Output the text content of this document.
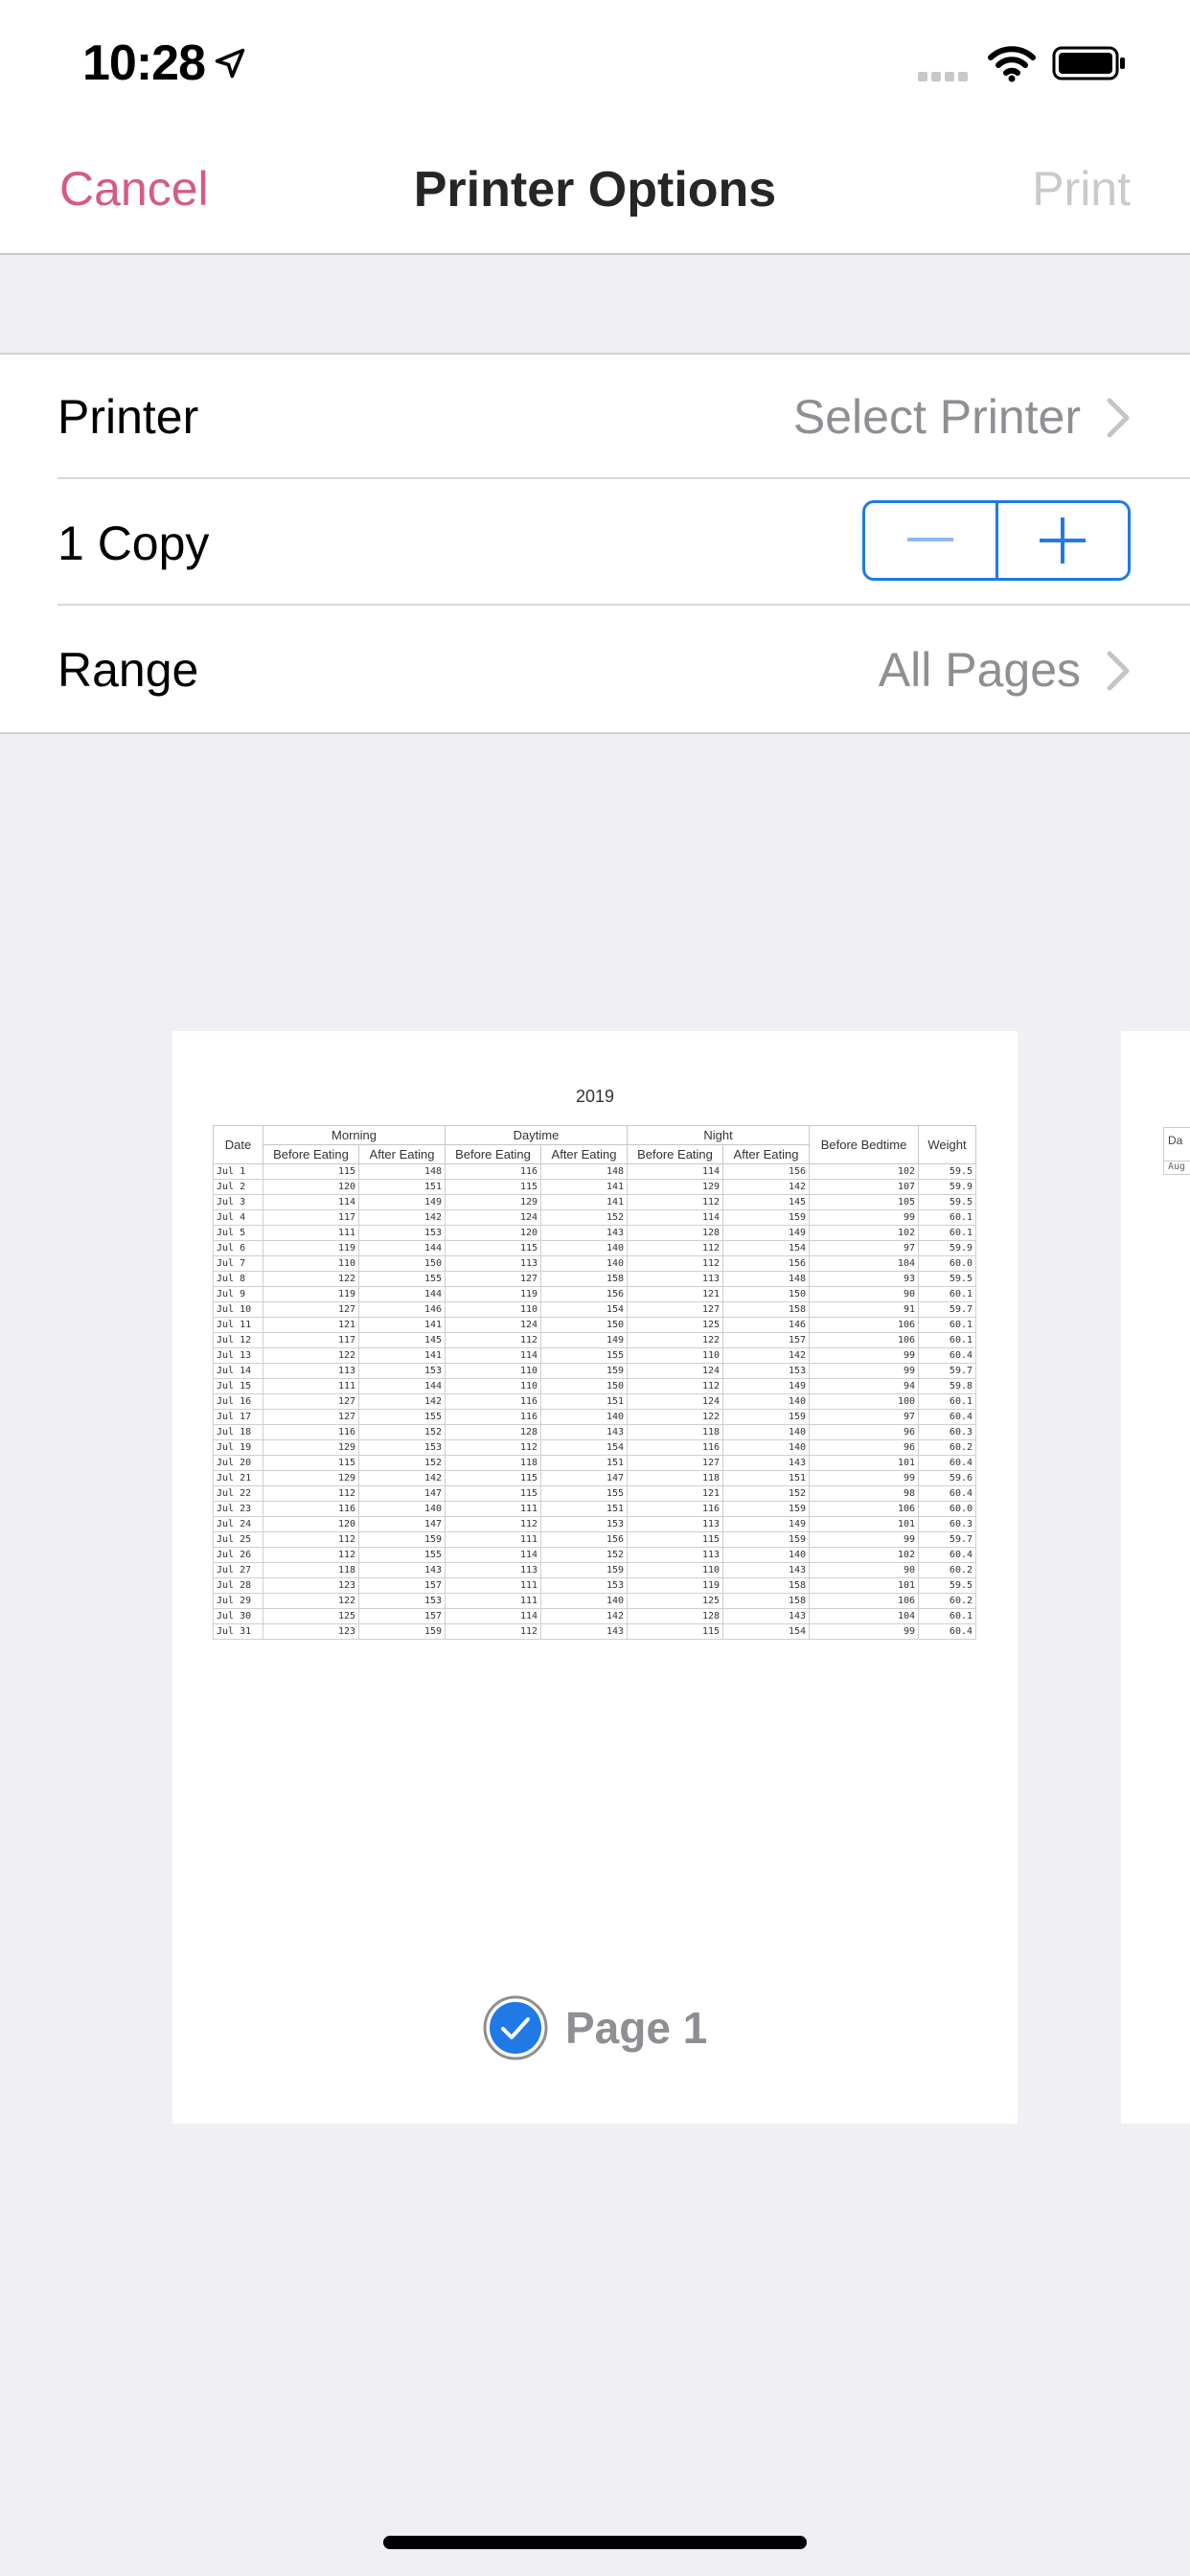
10:28
Printer Options
Cancel	Print
Printer	Select Printer
1 Copy
Range	All Pages
2019
Date	Morning		Daytime		Night		Before Bedtime	Weight
	Before Eating	After Eating	Before Eating	After Eating	Before Eating	After Eating		
Jul 1	115	148	116	148	114	156	102	59.5
Jul 2	120	151	115	141	129	142	107	59.9
Jul 3	114	149	129	141	112	145	105	59.5
Jul 4	117	142	124	152	114	159	99	60.1
Jul 5	111	153	120	143	128	149	102	60.1
Jul 6	119	144	115	140	112	154	97	59.9
Jul 7	110	150	113	140	112	156	104	60.0
Jul 8	122	155	127	158	113	148	93	59.5
Jul 9	119	144	119	156	121	150	90	60.1
Jul 10	127	146	110	154	127	158	91	59.7
Jul 11	121	141	124	150	125	146	106	60.1
Jul 12	117	145	112	149	122	157	106	60.1
Jul 13	122	141	114	155	110	142	99	60.4
Jul 14	113	153	110	159	124	153	99	59.7
Jul 15	111	144	110	150	112	149	94	59.8
Jul 16	127	142	116	151	124	140	100	60.1
Jul 17	127	155	116	140	122	159	97	60.4
Jul 18	116	152	128	143	118	140	96	60.3
Jul 19	129	153	112	154	116	140	96	60.2
Jul 20	115	152	118	151	127	143	101	60.4
Jul 21	129	142	115	147	118	151	99	59.6
Jul 22	112	147	115	155	121	152	98	60.4
Jul 23	116	140	111	151	116	159	106	60.0
Jul 24	120	147	112	153	113	149	101	60.3
Jul 25	112	159	111	156	115	159	99	59.7
Jul 26	112	155	114	152	113	140	102	60.4
Jul 27	118	143	113	159	110	143	90	60.2
Jul 28	123	157	111	153	119	158	101	59.5
Jul 29	122	153	111	140	125	158	106	60.2
Jul 30	125	157	114	142	128	143	104	60.1
Jul 31	123	159	112	143	115	154	99	60.4
Page 1
Da
Aug
